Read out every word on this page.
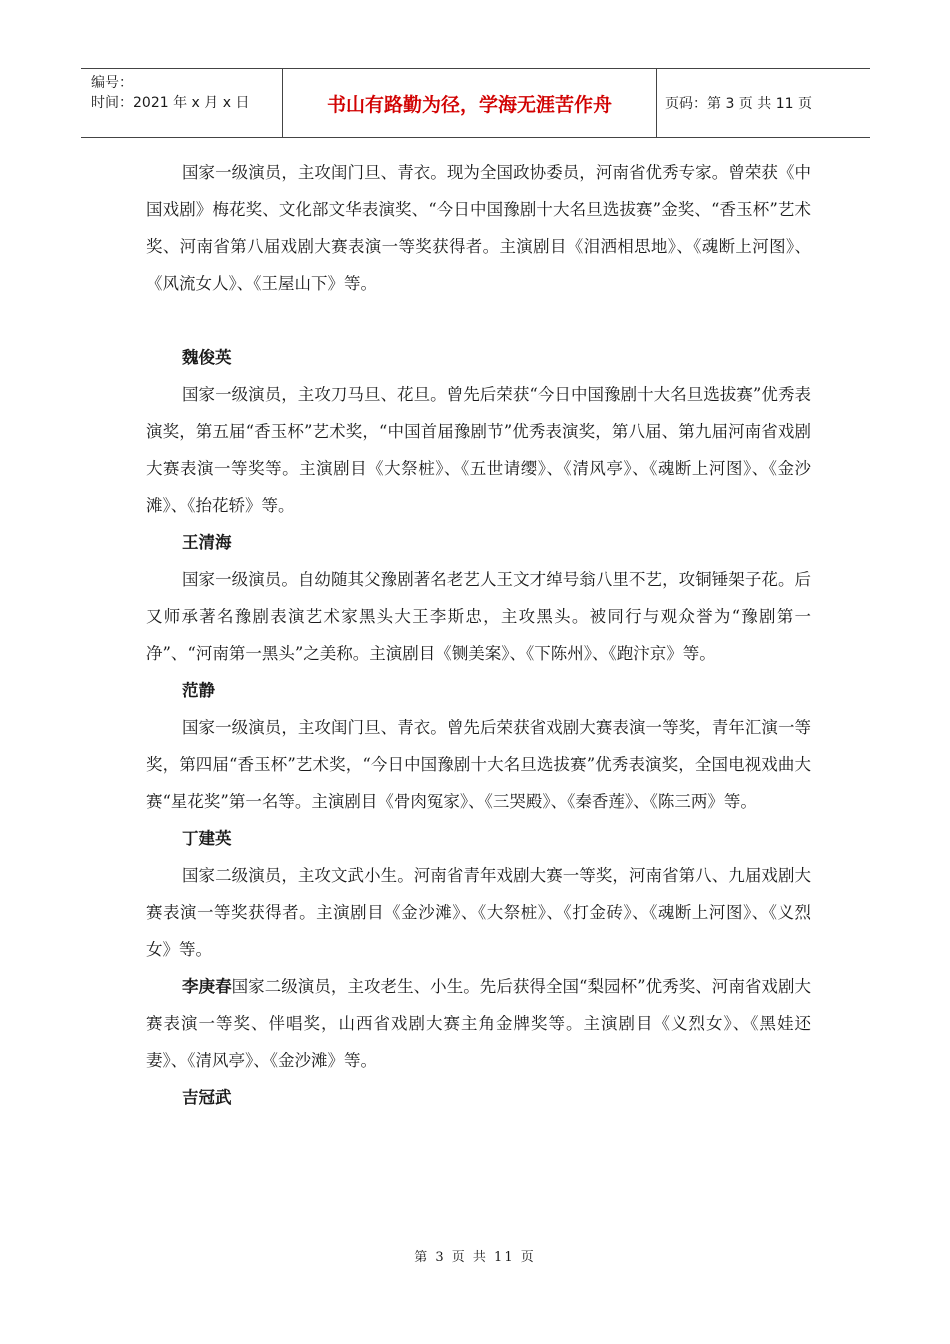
编号：
时间：2021 年 x 月 x 日	书山有路勤为径，学海无涯苦作舟	页码：第 3 页 共 11 页

国家一级演员，主攻闺门旦、青衣。现为全国政协委员，河南省优秀专家。曾荣获《中国戏剧》梅花奖、文化部文华表演奖、“今日中国豫剧十大名旦选拔赛”金奖、“香玉杯”艺术奖、河南省第八届戏剧大赛表演一等奖获得者。主演剧目《泪洒相思地》、《魂断上河图》、《风流女人》、《王屋山下》等。

魏俊英

国家一级演员，主攻刀马旦、花旦。曾先后荣获“今日中国豫剧十大名旦选拔赛”优秀表演奖，第五届“香玉杯”艺术奖，“中国首届豫剧节”优秀表演奖，第八届、第九届河南省戏剧大赛表演一等奖等。主演剧目《大祭桩》、《五世请缨》、《清风亭》、《魂断上河图》、《金沙滩》、《抬花轿》等。

王清海

国家一级演员。自幼随其父豫剧著名老艺人王文才绰号翁八里不艺，攻铜锤架子花。后又师承著名豫剧表演艺术家黑头大王李斯忠，主攻黑头。被同行与观众誉为“豫剧第一净”、“河南第一黑头”之美称。主演剧目《铡美案》、《下陈州》、《跑汴京》等。

范静

国家一级演员，主攻闺门旦、青衣。曾先后荣获省戏剧大赛表演一等奖，青年汇演一等奖，第四届“香玉杯”艺术奖，“今日中国豫剧十大名旦选拔赛”优秀表演奖，全国电视戏曲大赛“星花奖”第一名等。主演剧目《骨肉冤家》、《三哭殿》、《秦香莲》、《陈三两》等。

丁建英

国家二级演员，主攻文武小生。河南省青年戏剧大赛一等奖，河南省第八、九届戏剧大赛表演一等奖获得者。主演剧目《金沙滩》、《大祭桩》、《打金砖》、《魂断上河图》、《义烈女》等。

李庚春国家二级演员，主攻老生、小生。先后获得全国“梨园杯”优秀奖、河南省戏剧大赛表演一等奖、伴唱奖，山西省戏剧大赛主角金牌奖等。主演剧目《义烈女》、《黑娃还妻》、《清风亭》、《金沙滩》等。

吉冠武
第 3 页 共 11 页
